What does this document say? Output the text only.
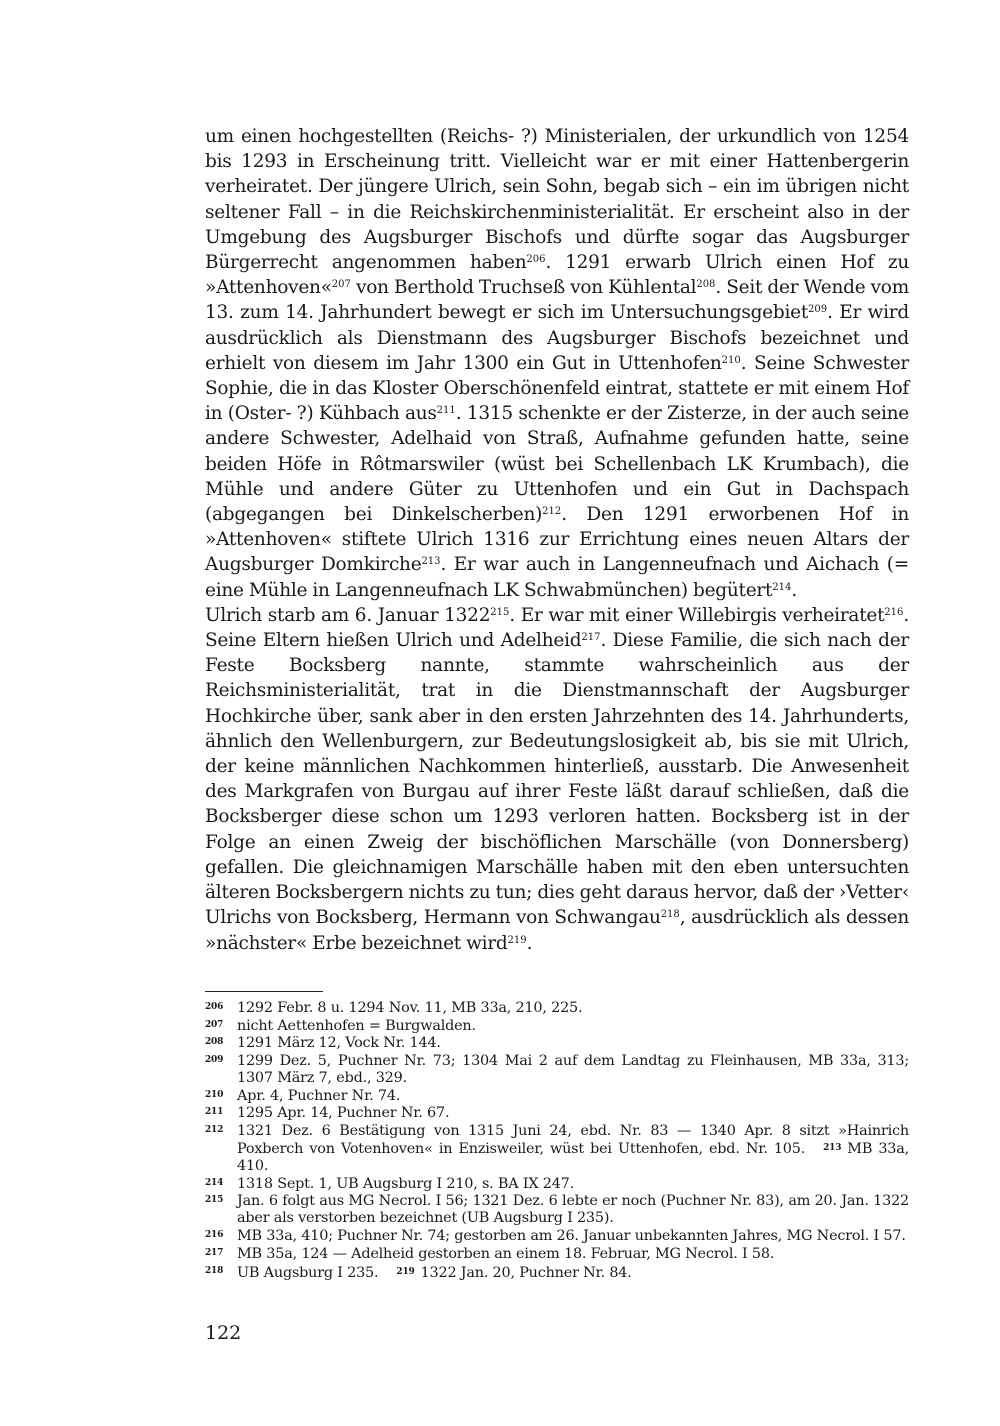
um einen hochgestellten (Reichs- ?) Ministerialen, der urkundlich von 1254 bis 1293 in Erscheinung tritt. Vielleicht war er mit einer Hattenbergerin verheiratet. Der jüngere Ulrich, sein Sohn, begab sich – ein im übrigen nicht seltener Fall – in die Reichskirchenministerialität. Er erscheint also in der Umgebung des Augsburger Bischofs und dürfte sogar das Augsburger Bürgerrecht angenommen haben$^{206}$. 1291 erwarb Ulrich einen Hof zu »Attenhoven«$^{207}$ von Berthold Truchseß von Kühlental$^{208}$. Seit der Wende vom 13. zum 14. Jahrhundert bewegt er sich im Untersuchungsgebiet$^{209}$. Er wird ausdrücklich als Dienstmann des Augsburger Bischofs bezeichnet und erhielt von diesem im Jahr 1300 ein Gut in Uttenhofen$^{210}$. Seine Schwester Sophie, die in das Kloster Oberschönenfeld eintrat, stattete er mit einem Hof in (Oster- ?) Kühbach aus$^{211}$. 1315 schenkte er der Zisterze, in der auch seine andere Schwester, Adelhaid von Straß, Aufnahme gefunden hatte, seine beiden Höfe in Rôtmarswiler (wüst bei Schellenbach LK Krumbach), die Mühle und andere Güter zu Uttenhofen und ein Gut in Dachspach (abgegangen bei Dinkelscherben)$^{212}$. Den 1291 erworbenen Hof in »Attenhoven« stiftete Ulrich 1316 zur Errichtung eines neuen Altars der Augsburger Domkirche$^{213}$. Er war auch in Langenneufnach und Aichach (= eine Mühle in Langenneufnach LK Schwabmünchen) begütert$^{214}$.

Ulrich starb am 6. Januar 1322$^{215}$. Er war mit einer Willebirgis verheiratet$^{216}$. Seine Eltern hießen Ulrich und Adelheid$^{217}$. Diese Familie, die sich nach der Feste Bocksberg nannte, stammte wahrscheinlich aus der Reichsministerialität, trat in die Dienstmannschaft der Augsburger Hochkirche über, sank aber in den ersten Jahrzehnten des 14. Jahrhunderts, ähnlich den Wellenburgern, zur Bedeutungslosigkeit ab, bis sie mit Ulrich, der keine männlichen Nachkommen hinterließ, ausstarb. Die Anwesenheit des Markgrafen von Burgau auf ihrer Feste läßt darauf schließen, daß die Bocksberger diese schon um 1293 verloren hatten. Bocksberg ist in der Folge an einen Zweig der bischöflichen Marschälle (von Donnersberg) gefallen. Die gleichnamigen Marschälle haben mit den eben untersuchten älteren Bocksbergern nichts zu tun; dies geht daraus hervor, daß der ›Vetter‹ Ulrichs von Bocksberg, Hermann von Schwangau$^{218}$, ausdrücklich als dessen »nächster« Erbe bezeichnet wird$^{219}$.

206 1292 Febr. 8 u. 1294 Nov. 11, MB 33a, 210, 225.
207 nicht Aettenhofen = Burgwalden.
208 1291 März 12, Vock Nr. 144.
209 1299 Dez. 5, Puchner Nr. 73; 1304 Mai 2 auf dem Landtag zu Fleinhausen, MB 33a, 313; 1307 März 7, ebd., 329.
210 Apr. 4, Puchner Nr. 74.
211 1295 Apr. 14, Puchner Nr. 67.
212 1321 Dez. 6 Bestätigung von 1315 Juni 24, ebd. Nr. 83 — 1340 Apr. 8 sitzt »Hainrich Poxberch von Votenhoven« in Enzisweiler, wüst bei Uttenhofen, ebd. Nr. 105. $^{213}$ MB 33a, 410.
214 1318 Sept. 1, UB Augsburg I 210, s. BA IX 247.
215 Jan. 6 folgt aus MG Necrol. I 56; 1321 Dez. 6 lebte er noch (Puchner Nr. 83), am 20. Jan. 1322 aber als verstorben bezeichnet (UB Augsburg I 235).
216 MB 33a, 410; Puchner Nr. 74; gestorben am 26. Januar unbekannten Jahres, MG Necrol. I 57.
217 MB 35a, 124 — Adelheid gestorben an einem 18. Februar, MG Necrol. I 58.
218 UB Augsburg I 235. $^{219}$ 1322 Jan. 20, Puchner Nr. 84.
122
